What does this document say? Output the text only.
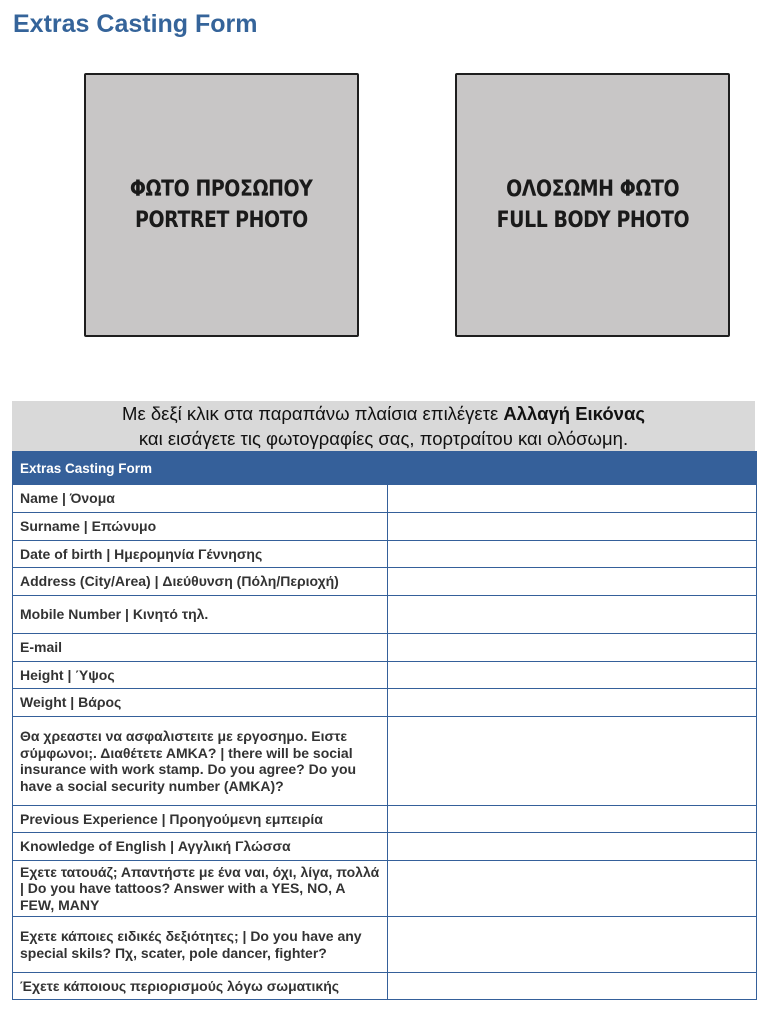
Extras Casting Form
ΦΩΤΟ ΠΡΟΣΩΠΟΥ
PORTRET PHOTO
ΟΛΟΣΩΜΗ ΦΩΤΟ
FULL BODY PHOTO
Με δεξί κλικ στα παραπάνω πλαίσια επιλέγετε Αλλαγή Εικόνας
και εισάγετε τις φωτογραφίες σας, πορτραίτου και ολόσωμη.
Extras Casting Form	
Name | Όνομα	
Surname | Επώνυμο	
Date of birth | Ημερομηνία Γέννησης	
Address (City/Area) | Διεύθυνση (Πόλη/Περιοχή)	
Mobile Number | Κινητό τηλ.	
E-mail	
Height | Ύψος	
Weight | Βάρος	
Θα χρεαστει να ασφαλιστειτε με εργοσημο. Ειστε σύμφωνοι;. Διαθέτετε ΑΜΚΑ? | there will be social insurance with work stamp. Do you agree? Do you have a social security number (ΑΜΚΑ)?	
Previous Experience | Προηγούμενη εμπειρία	
Knowledge of English | Αγγλική Γλώσσα	
Εχετε τατουάζ; Απαντήστε με ένα ναι, όχι, λίγα, πολλά | Do you have tattoos? Answer with a YES, NO, A FEW, MANY	
Εχετε κάποιες ειδικές δεξιότητες; | Do you have any special skils? Πχ, scater, pole dancer, fighter?	
Έχετε κάποιους περιορισμούς λόγω σωματικής	
